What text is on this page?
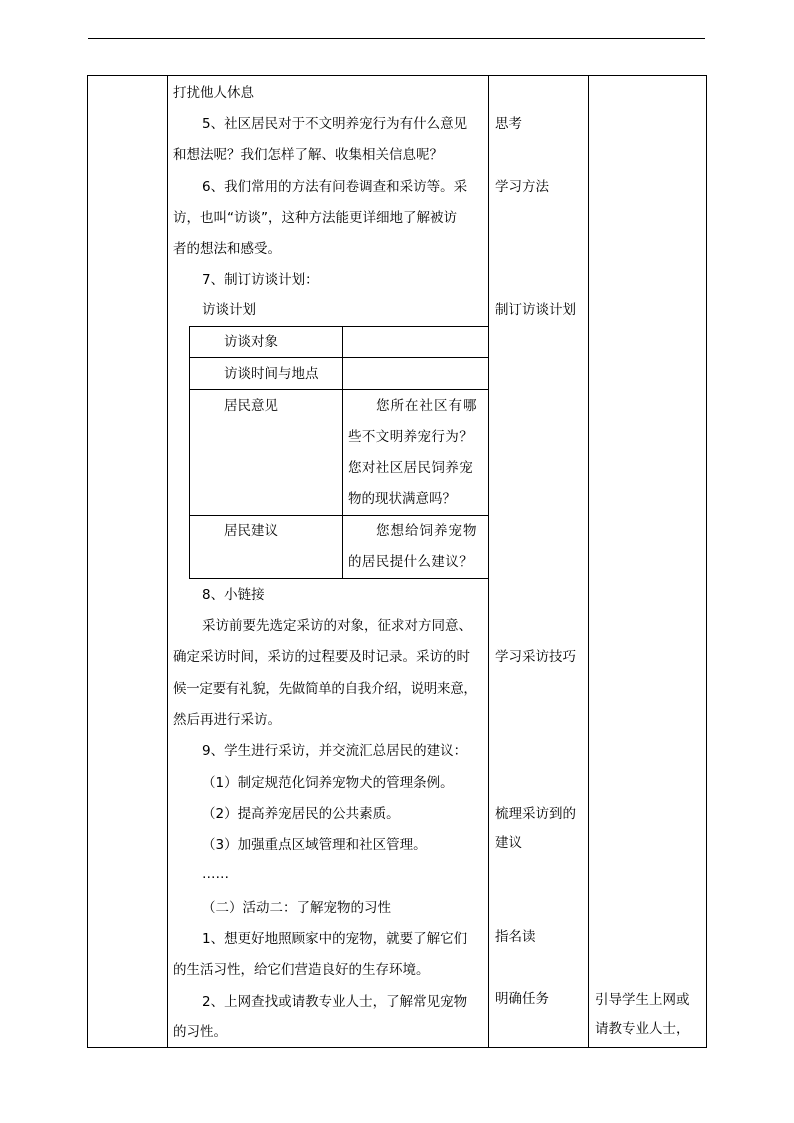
打扰他人休息
5、社区居民对于不文明养宠行为有什么意见
和想法呢？我们怎样了解、收集相关信息呢？
6、我们常用的方法有问卷调查和采访等。采
访，也叫“访谈”，这种方法能更详细地了解被访
者的想法和感受。
7、制订访谈计划：
访谈计划
访谈对象
访谈时间与地点
居民意见	您所在社区有哪
些不文明养宠行为？
您对社区居民饲养宠
物的现状满意吗？
居民建议	您想给饲养宠物
的居民提什么建议？
8、小链接
采访前要先选定采访的对象，征求对方同意、
确定采访时间，采访的过程要及时记录。采访的时
候一定要有礼貌，先做简单的自我介绍，说明来意，
然后再进行采访。
9、学生进行采访，并交流汇总居民的建议：
（1）制定规范化饲养宠物犬的管理条例。
（2）提高养宠居民的公共素质。
（3）加强重点区域管理和社区管理。
……
（二）活动二：了解宠物的习性
1、想更好地照顾家中的宠物，就要了解它们
的生活习性，给它们营造良好的生存环境。
2、上网查找或请教专业人士，了解常见宠物
的习性。
思考
学习方法
制订访谈计划
学习采访技巧
梳理采访到的
建议
指名读
明确任务	引导学生上网或
请教专业人士，
